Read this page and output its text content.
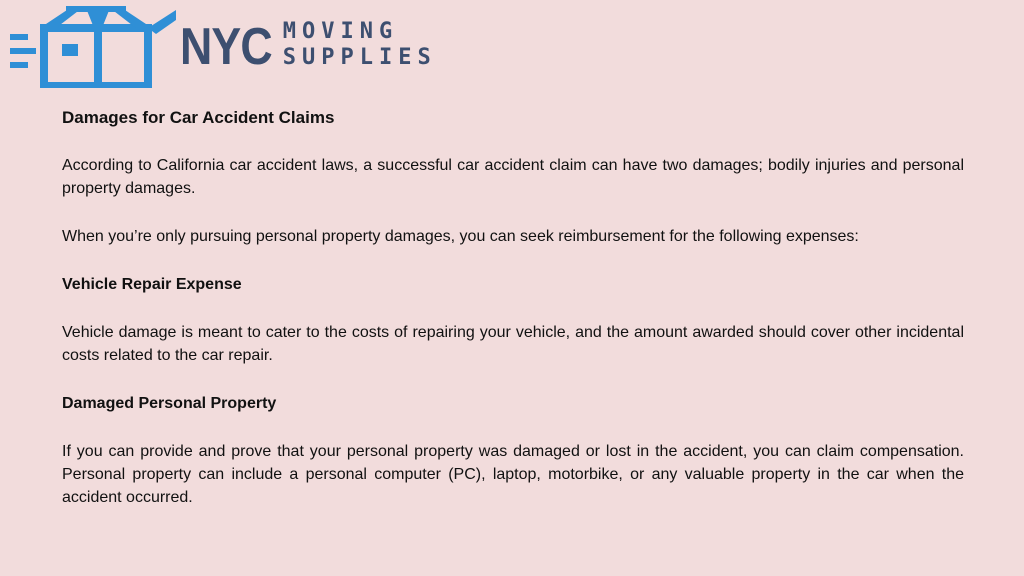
NYC MOVING
SUPPLIES
Damages for Car Accident Claims

According to California car accident laws, a successful car accident claim can have two damages; bodily injuries and personal property damages.

When you’re only pursuing personal property damages, you can seek reimbursement for the following expenses:

Vehicle Repair Expense

Vehicle damage is meant to cater to the costs of repairing your vehicle, and the amount awarded should cover other incidental costs related to the car repair.

Damaged Personal Property

If you can provide and prove that your personal property was damaged or lost in the accident, you can claim compensation. Personal property can include a personal computer (PC), laptop, motorbike, or any valuable property in the car when the accident occurred.
